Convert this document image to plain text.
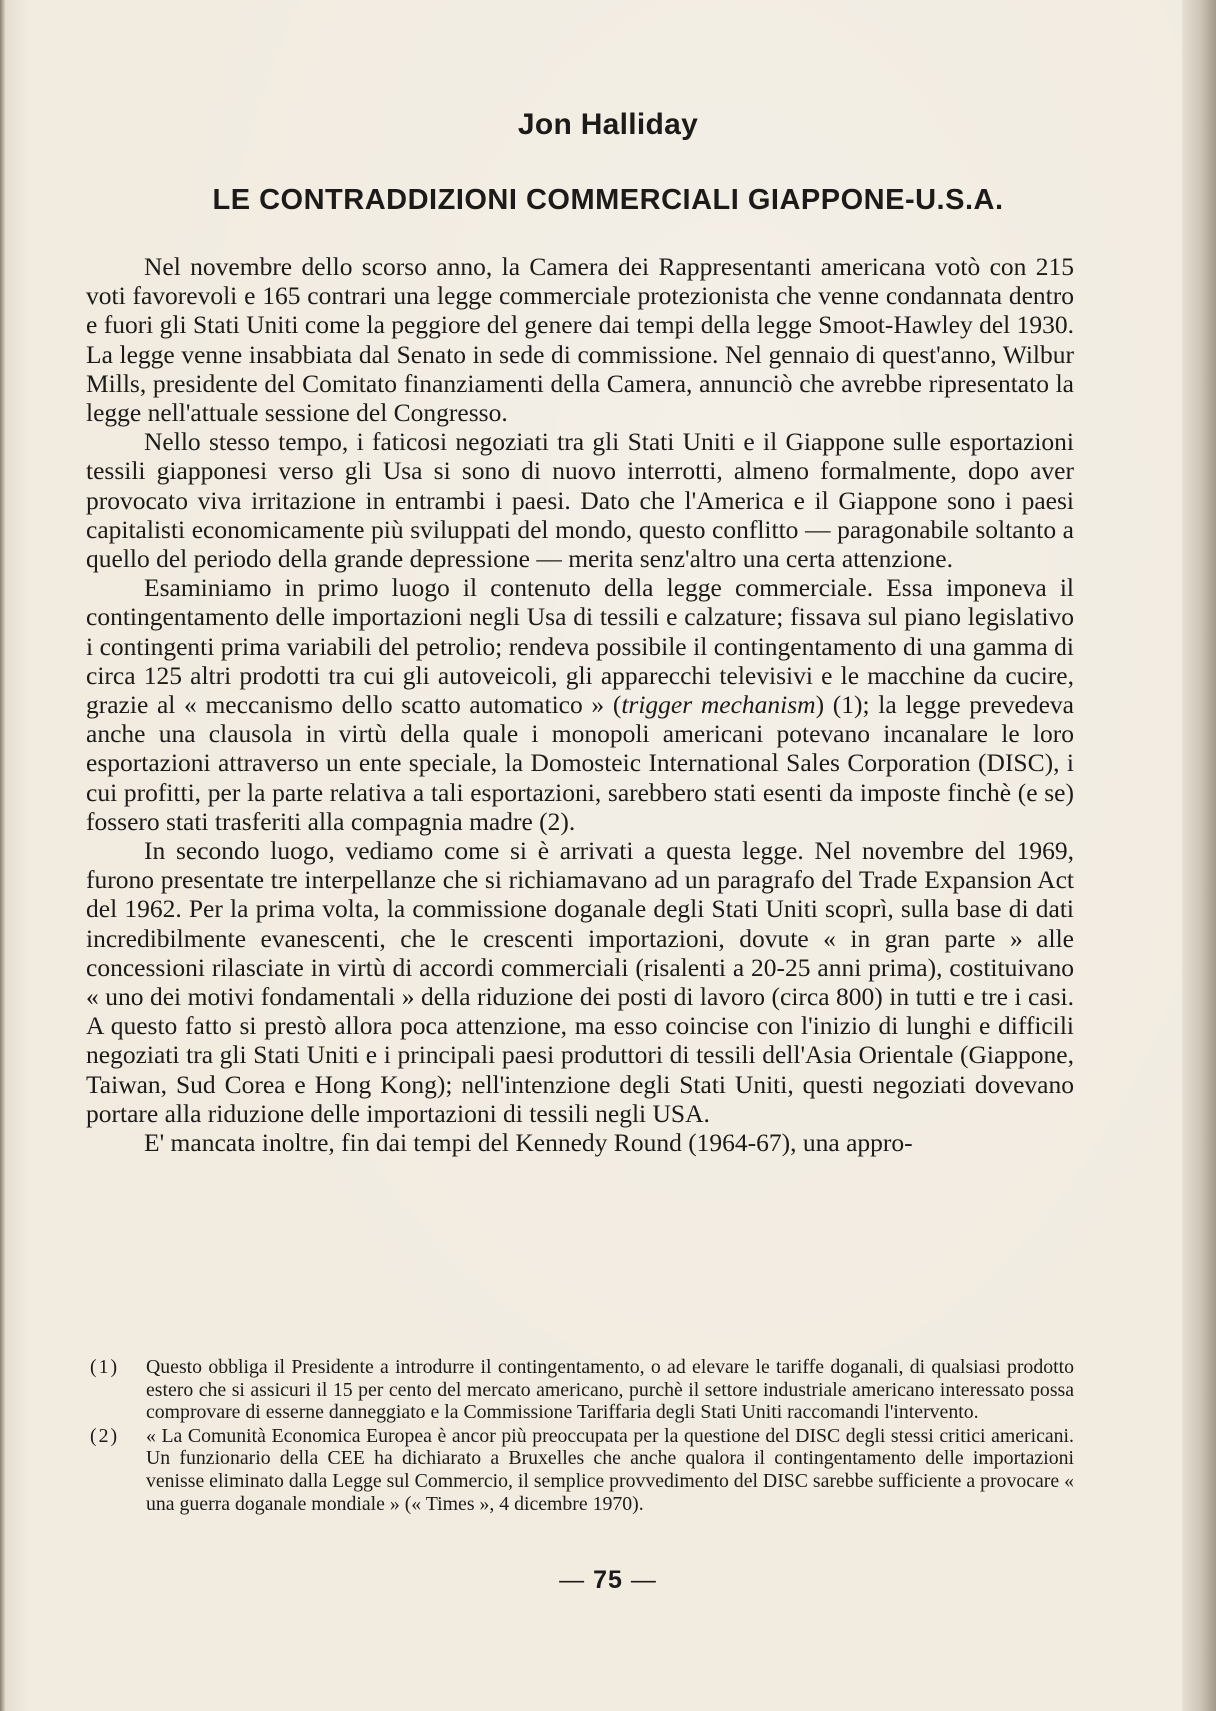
Jon Halliday
LE CONTRADDIZIONI COMMERCIALI GIAPPONE-U.S.A.

Nel novembre dello scorso anno, la Camera dei Rappresentanti americana votò con 215 voti favorevoli e 165 contrari una legge commerciale protezionista che venne condannata dentro e fuori gli Stati Uniti come la peggiore del genere dai tempi della legge Smoot-Hawley del 1930. La legge venne insabbiata dal Senato in sede di commissione. Nel gennaio di quest'anno, Wilbur Mills, presidente del Comitato finanziamenti della Camera, annunciò che avrebbe ripresentato la legge nell'attuale sessione del Congresso.

Nello stesso tempo, i faticosi negoziati tra gli Stati Uniti e il Giappone sulle esportazioni tessili giapponesi verso gli Usa si sono di nuovo interrotti, almeno formalmente, dopo aver provocato viva irritazione in entrambi i paesi. Dato che l'America e il Giappone sono i paesi capitalisti economicamente più sviluppati del mondo, questo conflitto — paragonabile soltanto a quello del periodo della grande depressione — merita senz'altro una certa attenzione.

Esaminiamo in primo luogo il contenuto della legge commerciale. Essa imponeva il contingentamento delle importazioni negli Usa di tessili e calzature; fissava sul piano legislativo i contingenti prima variabili del petrolio; rendeva possibile il contingentamento di una gamma di circa 125 altri prodotti tra cui gli autoveicoli, gli apparecchi televisivi e le macchine da cucire, grazie al « meccanismo dello scatto automatico » (trigger mechanism) (1); la legge prevedeva anche una clausola in virtù della quale i monopoli americani potevano incanalare le loro esportazioni attraverso un ente speciale, la Domosteic International Sales Corporation (DISC), i cui profitti, per la parte relativa a tali esportazioni, sarebbero stati esenti da imposte finchè (e se) fossero stati trasferiti alla compagnia madre (2).

In secondo luogo, vediamo come si è arrivati a questa legge. Nel novembre del 1969, furono presentate tre interpellanze che si richiamavano ad un paragrafo del Trade Expansion Act del 1962. Per la prima volta, la commissione doganale degli Stati Uniti scoprì, sulla base di dati incredibilmente evanescenti, che le crescenti importazioni, dovute « in gran parte » alle concessioni rilasciate in virtù di accordi commerciali (risalenti a 20-25 anni prima), costituivano « uno dei motivi fondamentali » della riduzione dei posti di lavoro (circa 800) in tutti e tre i casi. A questo fatto si prestò allora poca attenzione, ma esso coincise con l'inizio di lunghi e difficili negoziati tra gli Stati Uniti e i principali paesi produttori di tessili dell'Asia Orientale (Giappone, Taiwan, Sud Corea e Hong Kong); nell'intenzione degli Stati Uniti, questi negoziati dovevano portare alla riduzione delle importazioni di tessili negli USA.

E' mancata inoltre, fin dai tempi del Kennedy Round (1964-67), una appro-

(1)	Questo obbliga il Presidente a introdurre il contingentamento, o ad elevare le tariffe doganali, di qualsiasi prodotto estero che si assicuri il 15 per cento del mercato americano, purchè il settore industriale americano interessato possa comprovare di esserne danneggiato e la Commissione Tariffaria degli Stati Uniti raccomandi l'intervento.
(2)	« La Comunità Economica Europea è ancor più preoccupata per la questione del DISC degli stessi critici americani. Un funzionario della CEE ha dichiarato a Bruxelles che anche qualora il contingentamento delle importazioni venisse eliminato dalla Legge sul Commercio, il semplice provvedimento del DISC sarebbe sufficiente a provocare « una guerra doganale mondiale » (« Times », 4 dicembre 1970).
— 75 —
